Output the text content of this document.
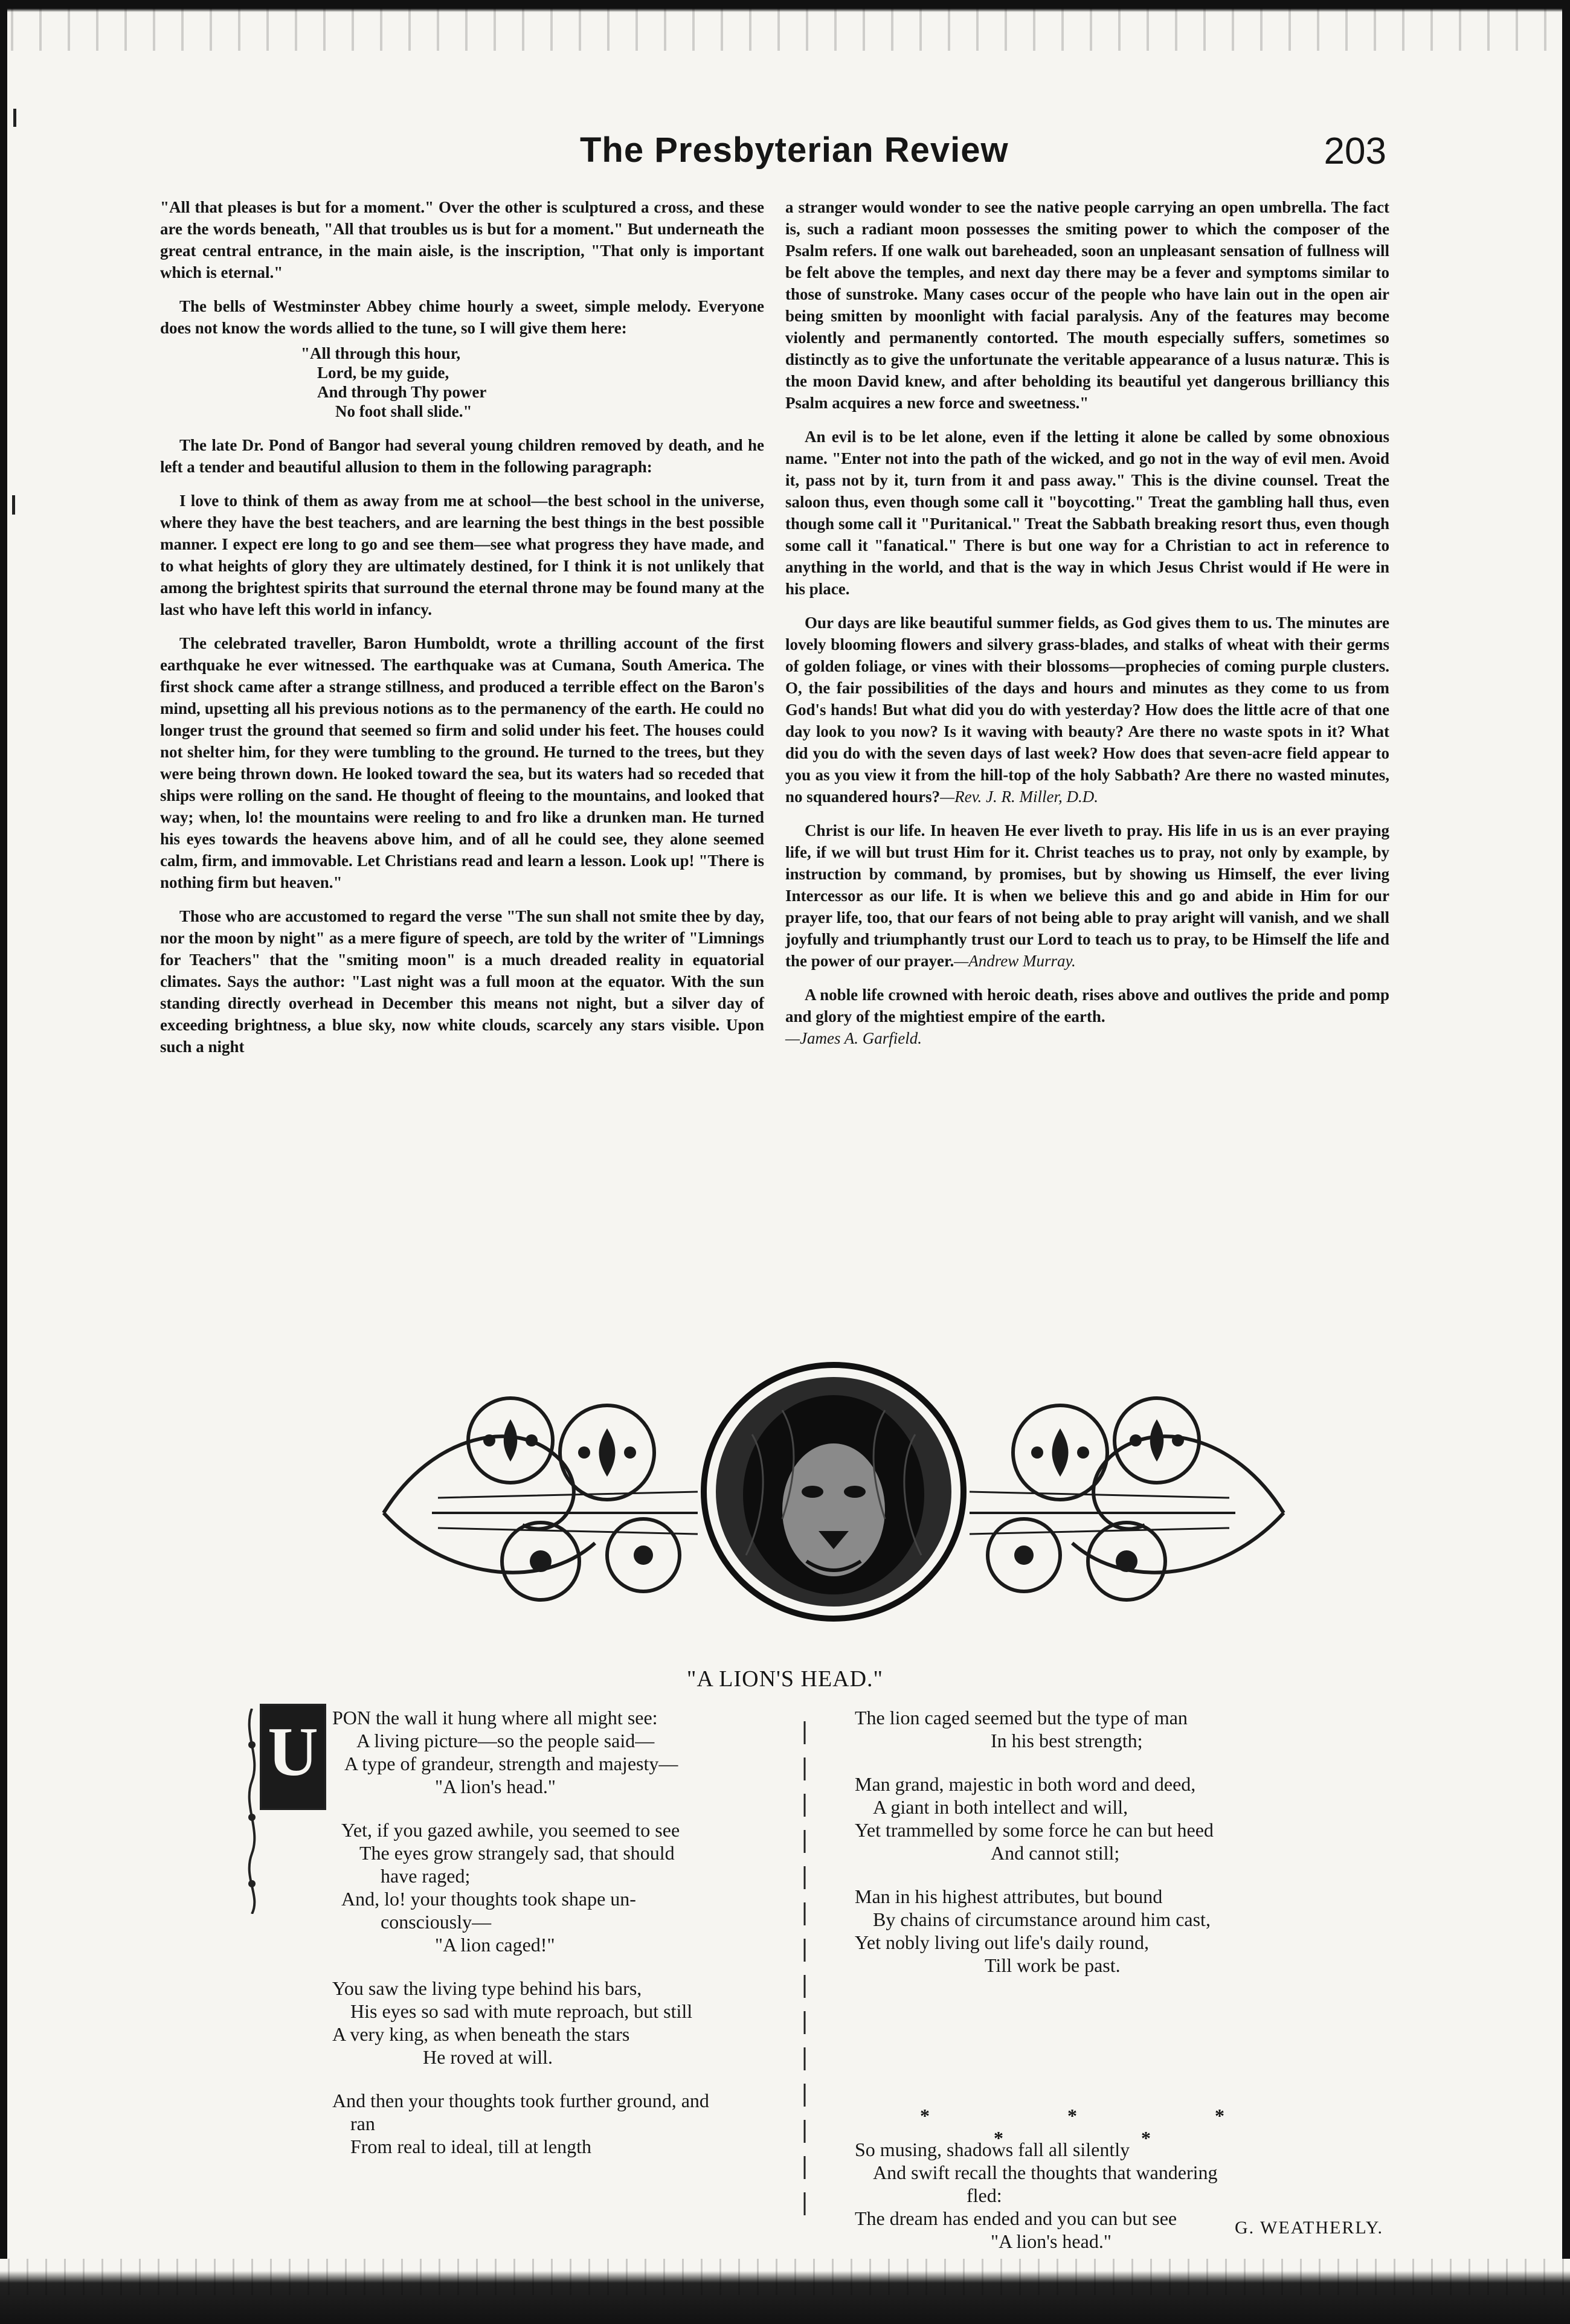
The Presbyterian Review	203

"All that pleases is but for a moment." Over the other is sculptured a cross, and these are the words beneath, "All that troubles us is but for a moment." But underneath the great central entrance, in the main aisle, is the inscription, "That only is important which is eternal."

The bells of Westminster Abbey chime hourly a sweet, simple melody. Everyone does not know the words allied to the tune, so I will give them here:

"All through this hour,
Lord, be my guide,
And through Thy power
No foot shall slide."

The late Dr. Pond of Bangor had several young children removed by death, and he left a tender and beautiful allusion to them in the following paragraph:

I love to think of them as away from me at school—the best school in the universe, where they have the best teachers, and are learning the best things in the best possible manner. I expect ere long to go and see them—see what progress they have made, and to what heights of glory they are ultimately destined, for I think it is not unlikely that among the brightest spirits that surround the eternal throne may be found many at the last who have left this world in infancy.

The celebrated traveller, Baron Humboldt, wrote a thrilling account of the first earthquake he ever witnessed. The earthquake was at Cumana, South America. The first shock came after a strange stillness, and produced a terrible effect on the Baron's mind, upsetting all his previous notions as to the permanency of the earth. He could no longer trust the ground that seemed so firm and solid under his feet. The houses could not shelter him, for they were tumbling to the ground. He turned to the trees, but they were being thrown down. He looked toward the sea, but its waters had so receded that ships were rolling on the sand. He thought of fleeing to the mountains, and looked that way; when, lo! the mountains were reeling to and fro like a drunken man. He turned his eyes towards the heavens above him, and of all he could see, they alone seemed calm, firm, and immovable. Let Christians read and learn a lesson. Look up! "There is nothing firm but heaven."

Those who are accustomed to regard the verse "The sun shall not smite thee by day, nor the moon by night" as a mere figure of speech, are told by the writer of "Limnings for Teachers" that the "smiting moon" is a much dreaded reality in equatorial climates. Says the author: "Last night was a full moon at the equator. With the sun standing directly overhead in December this means not night, but a silver day of exceeding brightness, a blue sky, now white clouds, scarcely any stars visible. Upon such a night

a stranger would wonder to see the native people carrying an open umbrella. The fact is, such a radiant moon possesses the smiting power to which the composer of the Psalm refers. If one walk out bareheaded, soon an unpleasant sensation of fullness will be felt above the temples, and next day there may be a fever and symptoms similar to those of sunstroke. Many cases occur of the people who have lain out in the open air being smitten by moonlight with facial paralysis. Any of the features may become violently and permanently contorted. The mouth especially suffers, sometimes so distinctly as to give the unfortunate the veritable appearance of a lusus naturæ. This is the moon David knew, and after beholding its beautiful yet dangerous brilliancy this Psalm acquires a new force and sweetness."

An evil is to be let alone, even if the letting it alone be called by some obnoxious name. "Enter not into the path of the wicked, and go not in the way of evil men. Avoid it, pass not by it, turn from it and pass away." This is the divine counsel. Treat the saloon thus, even though some call it "boycotting." Treat the gambling hall thus, even though some call it "Puritanical." Treat the Sabbath breaking resort thus, even though some call it "fanatical." There is but one way for a Christian to act in reference to anything in the world, and that is the way in which Jesus Christ would if He were in his place.

Our days are like beautiful summer fields, as God gives them to us. The minutes are lovely blooming flowers and silvery grass-blades, and stalks of wheat with their germs of golden foliage, or vines with their blossoms—prophecies of coming purple clusters. O, the fair possibilities of the days and hours and minutes as they come to us from God's hands! But what did you do with yesterday? How does the little acre of that one day look to you now? Is it waving with beauty? Are there no waste spots in it? What did you do with the seven days of last week? How does that seven-acre field appear to you as you view it from the hill-top of the holy Sabbath? Are there no wasted minutes, no squandered hours?—Rev. J. R. Miller, D.D.

Christ is our life. In heaven He ever liveth to pray. His life in us is an ever praying life, if we will but trust Him for it. Christ teaches us to pray, not only by example, by instruction by command, by promises, but by showing us Himself, the ever living Intercessor as our life. It is when we believe this and go and abide in Him for our prayer life, too, that our fears of not being able to pray aright will vanish, and we shall joyfully and triumphantly trust our Lord to teach us to pray, to be Himself the life and the power of our prayer.—Andrew Murray.

A noble life crowned with heroic death, rises above and outlives the pride and pomp and glory of the mightiest empire of the earth.
—James A. Garfield.

"A LION'S HEAD."
U PON the wall it hung where all might see:
A living picture—so the people said—
A type of grandeur, strength and majesty—
"A lion's head."
Yet, if you gazed awhile, you seemed to see
The eyes grow strangely sad, that should
have raged;
And, lo! your thoughts took shape un-
consciously—
"A lion caged!"
You saw the living type behind his bars,
His eyes so sad with mute reproach, but still
A very king, as when beneath the stars
He roved at will.
And then your thoughts took further ground, and
ran
From real to ideal, till at length
The lion caged seemed but the type of man
In his best strength;
Man grand, majestic in both word and deed,
A giant in both intellect and will,
Yet trammelled by some force he can but heed
And cannot still;
Man in his highest attributes, but bound
By chains of circumstance around him cast,
Yet nobly living out life's daily round,
Till work be past.
* * * * *
So musing, shadows fall all silently
And swift recall the thoughts that wandering
fled:
The dream has ended and you can but see
"A lion's head."
G. WEATHERLY.
